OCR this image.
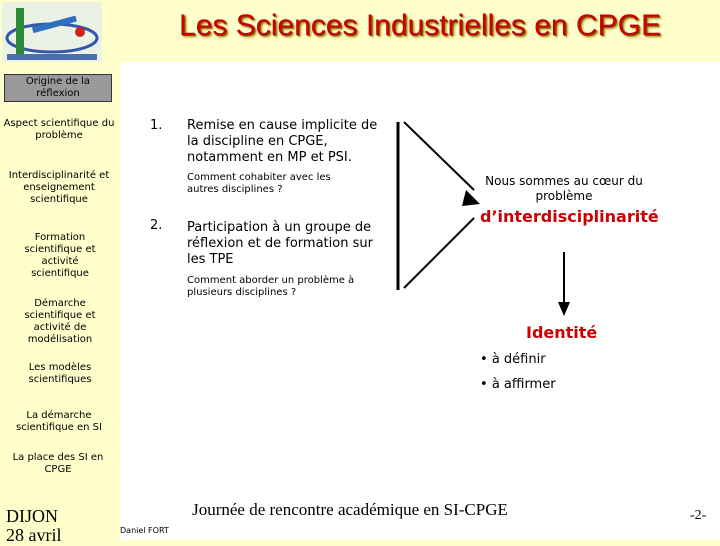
Les Sciences Industrielles en CPGE
Origine de la réflexion
Aspect scientifique du problème
Interdisciplinarité et enseignement scientifique
Formation scientifique et activité scientifique
Démarche scientifique et activité de modélisation
Les modèles scientifiques
La démarche scientifique en SI
La place des SI en CPGE
1. Remise en cause implicite de la discipline en CPGE, notamment en MP et PSI.
Comment cohabiter avec les autres disciplines ?
2. Participation à un groupe de réflexion et de formation sur les TPE
Comment aborder un problème à plusieurs disciplines ?
Nous sommes au cœur du problème
d’interdisciplinarité
Identité
• à définir
• à affirmer
Journée de rencontre académique en SI-CPGE
DIJON
28 avril	Daniel FORT
-2-
